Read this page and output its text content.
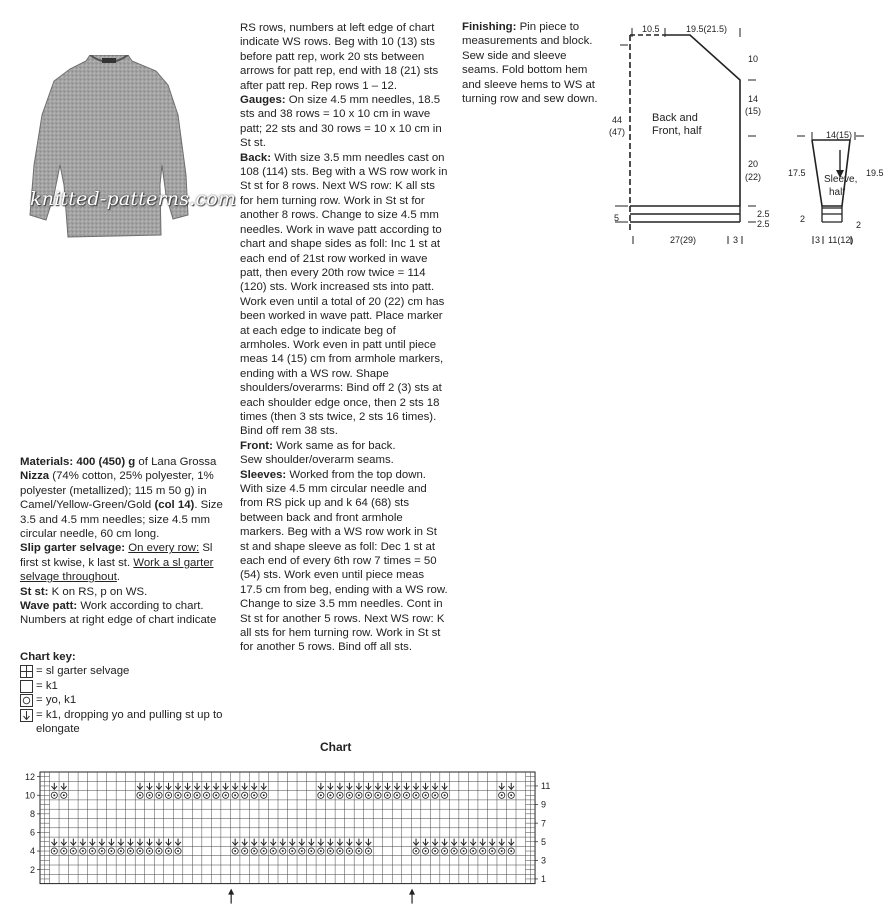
knitted-patterns.com

Materials: 400 (450) g of Lana Grossa Nizza (74% cotton, 25% polyester, 1% polyester (metallized); 115 m 50 g) in Camel/Yellow-Green/Gold (col 14). Size 3.5 and 4.5 mm needles; size 4.5 mm circular needle, 60 cm long.

Slip garter selvage: On every row: Sl first st kwise, k last st. Work a sl garter selvage throughout.

St st: K on RS, p on WS.

Wave patt: Work according to chart. Numbers at right edge of chart indicate

Chart key:

= sl garter selvage
= k1
= yo, k1
= k1, dropping yo and pulling st up to elongate

RS rows, numbers at left edge of chart indicate WS rows. Beg with 10 (13) sts before patt rep, work 20 sts between arrows for patt rep, end with 18 (21) sts after patt rep. Rep rows 1 – 12.

Gauges: On size 4.5 mm needles, 18.5 sts and 38 rows = 10 x 10 cm in wave patt; 22 sts and 30 rows = 10 x 10 cm in St st.

Back: With size 3.5 mm needles cast on 108 (114) sts. Beg with a WS row work in St st for 8 rows. Next WS row: K all sts for hem turning row. Work in St st for another 8 rows. Change to size 4.5 mm needles. Work in wave patt according to chart and shape sides as foll: Inc 1 st at each end of 21st row worked in wave patt, then every 20th row twice = 114 (120) sts. Work increased sts into patt. Work even until a total of 20 (22) cm has been worked in wave patt. Place marker at each edge to indicate beg of armholes. Work even in patt until piece meas 14 (15) cm from armhole markers, ending with a WS row. Shape shoulders/overarms: Bind off 2 (3) sts at each shoulder edge once, then 2 sts 18 times (then 3 sts twice, 2 sts 16 times). Bind off rem 38 sts.

Front: Work same as for back.

Sew shoulder/overarm seams.

Sleeves: Worked from the top down. With size 4.5 mm circular needle and from RS pick up and k 64 (68) sts between back and front armhole markers. Beg with a WS row work in St st and shape sleeve as foll: Dec 1 st at each end of every 6th row 7 times = 50 (54) sts. Work even until piece meas 17.5 cm from beg, ending with a WS row. Change to size 3.5 mm needles. Cont in St st for another 5 rows. Next WS row: K all sts for hem turning row. Work in St st for another 5 rows. Bind off all sts.

Finishing: Pin piece to measurements and block. Sew side and sleeve seams. Fold bottom hem and sleeve hems to WS at turning row and sew down.

10.5	19.5(21.5)
10
14
(15)
20
(22)
2.5
2.5
44
(47)
5
Back and
Front, half
27(29)	3
14(15)
17.5	19.5
Sleeve,
half
2
2
3 11(12)
Chart
12
10
8
6
4
2
11
9
7
5
3
1
